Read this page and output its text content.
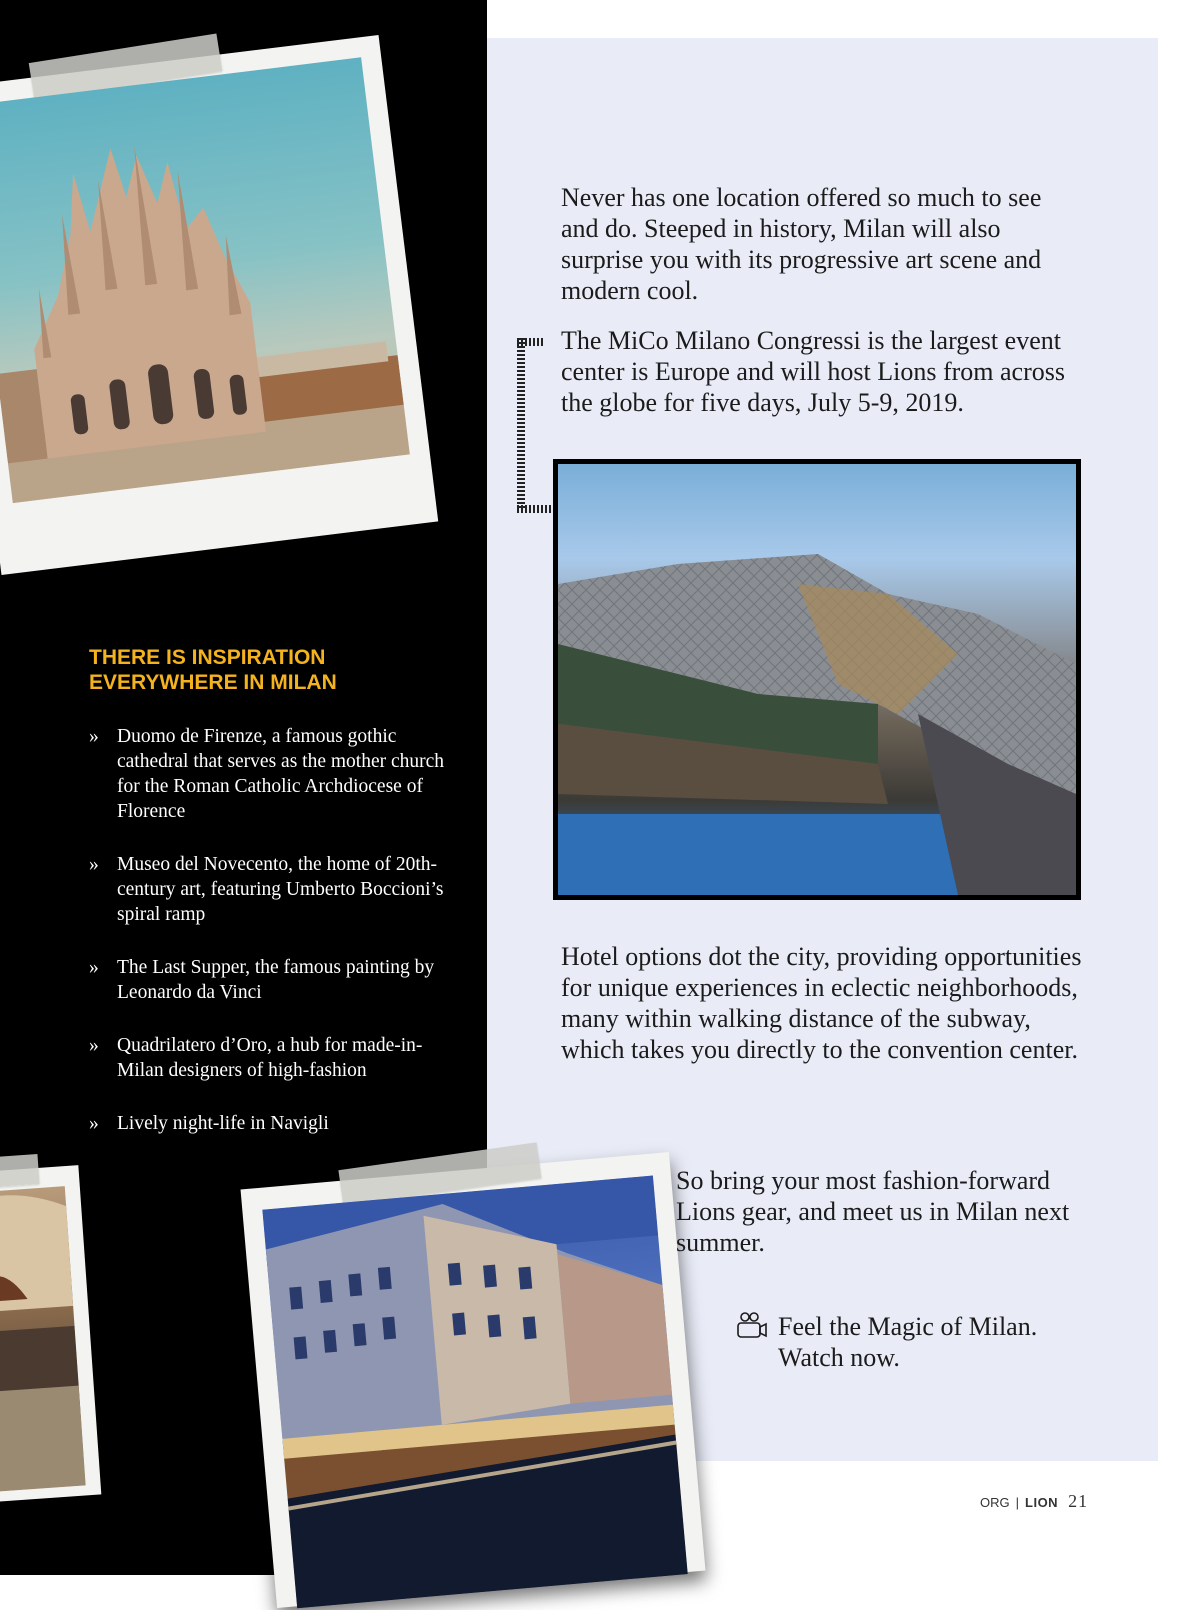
THERE IS INSPIRATION EVERYWHERE IN MILAN
» Duomo de Firenze, a famous gothic cathedral that serves as the mother church for the Roman Catholic Archdiocese of Florence
» Museo del Novecento, the home of 20th-century art, featuring Umberto Boccioni’s spiral ramp
» The Last Supper, the famous painting by Leonardo da Vinci
» Quadrilatero d’Oro, a hub for made-in-Milan designers of high-fashion
» Lively night-life in Navigli

Never has one location offered so much to see and do. Steeped in history, Milan will also surprise you with its progressive art scene and modern cool.

The MiCo Milano Congressi is the largest event center is Europe and will host Lions from across the globe for five days, July 5-9, 2019.

Hotel options dot the city, providing opportunities for unique experiences in eclectic neighborhoods, many within walking distance of the subway, which takes you directly to the convention center.

So bring your most fashion-forward Lions gear, and meet us in Milan next summer.

Feel the Magic of Milan.
Watch now.
ORG | LION 21
